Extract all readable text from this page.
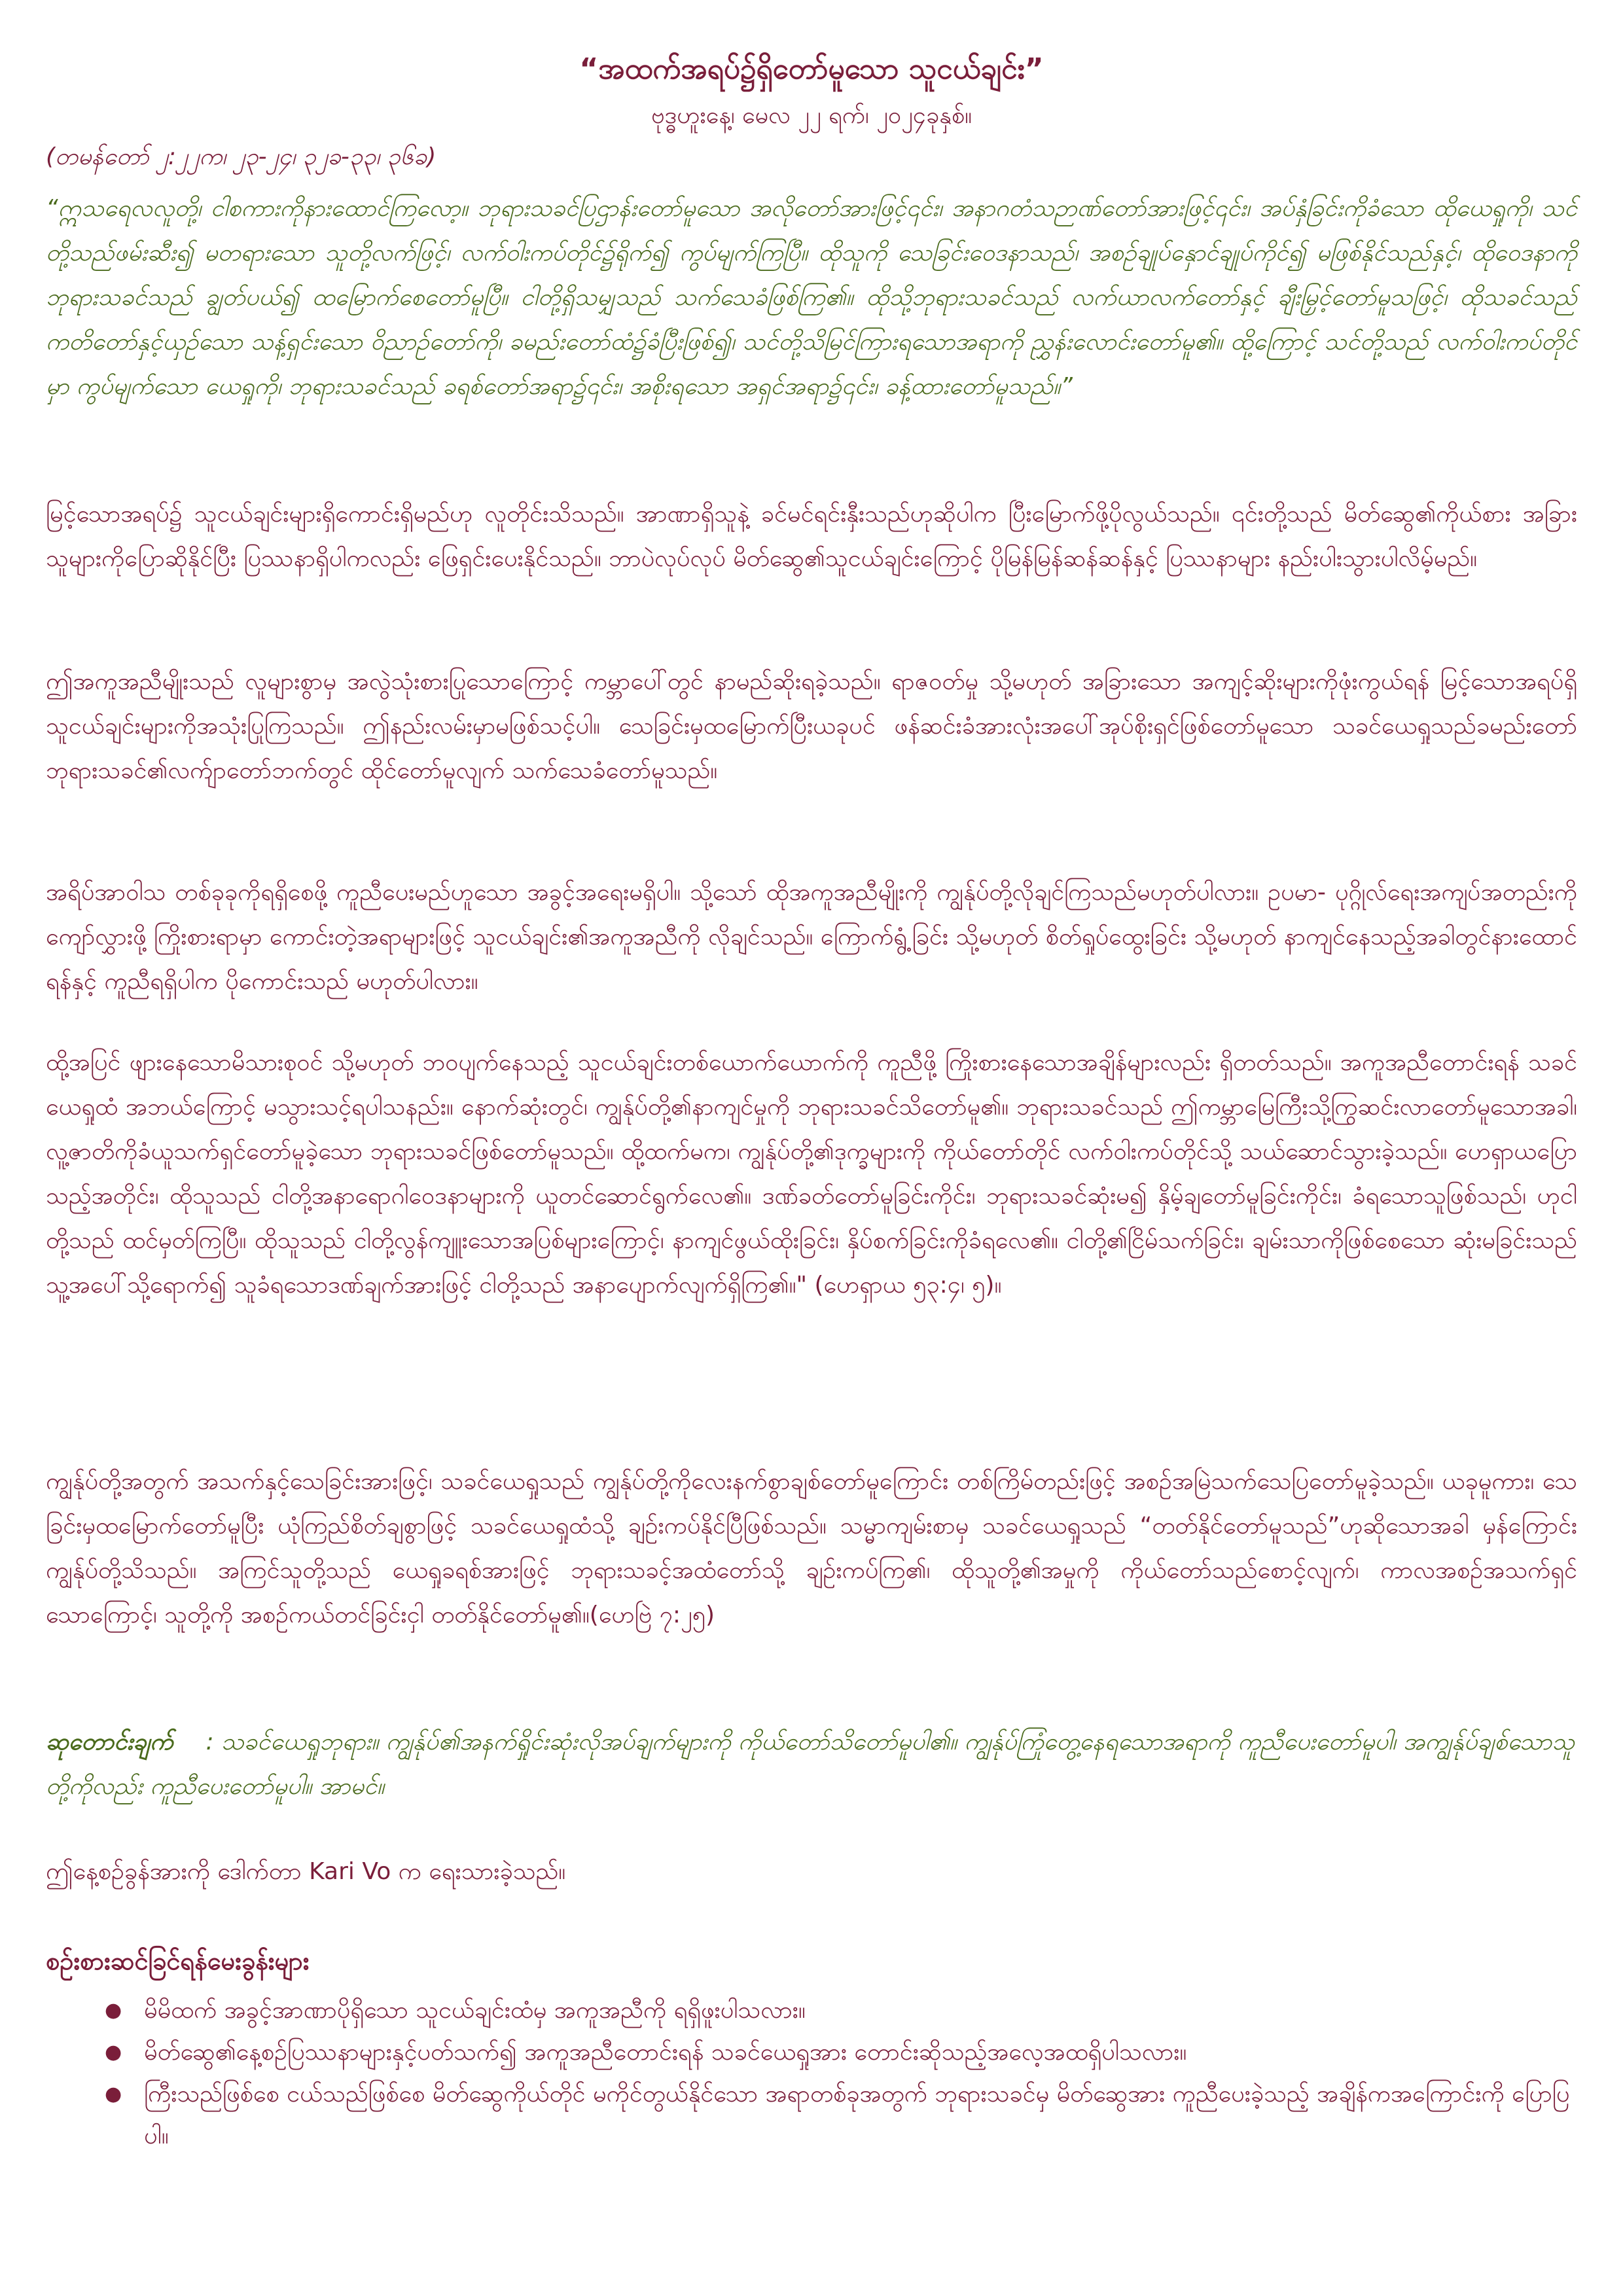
“အထက်အရပ်၌ရှိတော်မူသော သူငယ်ချင်း”
ဗုဒ္ဓဟူးနေ့၊ မေလ ၂၂ ရက်၊ ၂၀၂၄ခုနှစ်။
(တမန်တော် ၂:၂၂က၊ ၂၃-၂၄၊ ၃၂ခ-၃၃၊ ၃၆ခ)
“ဣသရေလလူတို့၊ ငါစကားကိုနားထောင်ကြလော့။ ဘုရားသခင်ပြဌာန်းတော်မူသော အလိုတော်အားဖြင့်၎င်း၊ အနာဂတံသဉာဏ်တော်အားဖြင့်၎င်း၊ အပ်နှံခြင်းကိုခံသော ထိုယေရှုကို၊ သင်တို့သည်ဖမ်းဆီး၍ မတရားသော သူတို့လက်ဖြင့်၊ လက်ဝါးကပ်တိုင်၌ရိုက်၍ ကွပ်မျက်ကြပြီ။ ထိုသူကို သေခြင်းဝေဒနာသည်၊ အစဉ်ချုပ်နှောင်ချုပ်ကိုင်၍ မဖြစ်နိုင်သည်နှင့်၊ ထိုဝေဒနာကို ဘုရားသခင်သည် ချွတ်ပယ်၍ ထမြောက်စေတော်မူပြီ။ ငါတို့ရှိသမျှသည် သက်သေခံဖြစ်ကြ၏။ ထိုသို့ဘုရားသခင်သည် လက်ယာလက်တော်နှင့် ချီးမြှင့်တော်မူသဖြင့်၊ ထိုသခင်သည် ကတိတော်နှင့်ယှဉ်သော သန့်ရှင်းသော ဝိညာဉ်တော်ကို၊ ခမည်းတော်ထံ၌ခံပြီးဖြစ်၍၊ သင်တို့သိမြင်ကြားရသောအရာကို ညွှန်းလောင်းတော်မူ၏။ ထို့ကြောင့် သင်တို့သည် လက်ဝါးကပ်တိုင်မှာ ကွပ်မျက်သော ယေရှုကို၊ ဘုရားသခင်သည် ခရစ်တော်အရာ၌၎င်း၊ အစိုးရသော အရှင်အရာ၌၎င်း၊ ခန့်ထားတော်မူသည်။”
မြင့်သောအရပ်၌ သူငယ်ချင်းများရှိကောင်းရှိမည်ဟု လူတိုင်းသိသည်။ အာဏာရှိသူနဲ့ ခင်မင်ရင်းနှီးသည်ဟုဆိုပါက ပြီးမြောက်ဖို့ပိုလွယ်သည်။ ၎င်းတို့သည် မိတ်ဆွေ၏ကိုယ်စား အခြားသူများကိုပြောဆိုနိုင်ပြီး ပြဿနာရှိပါကလည်း ဖြေရှင်းပေးနိုင်သည်။ ဘာပဲလုပ်လုပ် မိတ်ဆွေ၏သူငယ်ချင်းကြောင့် ပိုမြန်မြန်ဆန်ဆန်နှင့် ပြဿနာများ နည်းပါးသွားပါလိမ့်မည်။
ဤအကူအညီမျိုးသည် လူများစွာမှ အလွဲသုံးစားပြုသောကြောင့် ကမ္ဘာပေါ်တွင် နာမည်ဆိုးရခဲ့သည်။ ရာဇဝတ်မှု သို့မဟုတ် အခြားသော အကျင့်ဆိုးများကိုဖုံးကွယ်ရန် မြင့်သောအရပ်ရှိ သူငယ်ချင်းများကိုအသုံးပြုကြသည်။ ဤနည်းလမ်းမှာမဖြစ်သင့်ပါ။ သေခြင်းမှထမြောက်ပြီးယခုပင် ဖန်ဆင်းခံအားလုံးအပေါ်အုပ်စိုးရှင်ဖြစ်တော်မူသော သခင်ယေရှုသည်ခမည်းတော်ဘုရားသခင်၏လက်ျာတော်ဘက်တွင် ထိုင်တော်မူလျက် သက်သေခံတော်မူသည်။
အရိပ်အာဝါသ တစ်ခုခုကိုရရှိစေဖို့ ကူညီပေးမည်ဟူသော အခွင့်အရေးမရှိပါ။ သို့သော် ထိုအကူအညီမျိုးကို ကျွန်ုပ်တို့လိုချင်ကြသည်မဟုတ်ပါလား။ ဥပမာ- ပုဂ္ဂိုလ်ရေးအကျပ်အတည်းကိုကျော်လွှားဖို့ ကြိုးစားရာမှာ ကောင်းတဲ့အရာများဖြင့် သူငယ်ချင်း၏အကူအညီကို လိုချင်သည်။ ကြောက်ရွံ့ခြင်း သို့မဟုတ် စိတ်ရှုပ်ထွေးခြင်း သို့မဟုတ် နာကျင်နေသည့်အခါတွင်နားထောင်ရန်နှင့် ကူညီရရှိပါက ပိုကောင်းသည် မဟုတ်ပါလား။
ထို့အပြင် ဖျားနေသောမိသားစုဝင် သို့မဟုတ် ဘဝပျက်နေသည့် သူငယ်ချင်းတစ်ယောက်ယောက်ကို ကူညီဖို့ ကြိုးစားနေသောအချိန်များလည်း ရှိတတ်သည်။ အကူအညီတောင်းရန် သခင်ယေရှုထံ အဘယ်ကြောင့် မသွားသင့်ရပါသနည်း။ နောက်ဆုံးတွင်၊ ကျွန်ုပ်တို့၏နာကျင်မှုကို ဘုရားသခင်သိတော်မူ၏။ ဘုရားသခင်သည် ဤကမ္ဘာမြေကြီးသို့ကြွဆင်းလာတော်မူသောအခါ၊ လူ့ဇာတိကိုခံယူသက်ရှင်တော်မူခဲ့သော ဘုရားသခင်ဖြစ်တော်မူသည်။ ထို့ထက်မက၊ ကျွန်ုပ်တို့၏ဒုက္ခများကို ကိုယ်တော်တိုင် လက်ဝါးကပ်တိုင်သို့ သယ်ဆောင်သွားခဲ့သည်။ ဟေရှာယပြောသည့်အတိုင်း၊ ထိုသူသည် ငါတို့အနာရောဂါဝေဒနာများကို ယူတင်ဆောင်ရွက်လေ၏။ ဒဏ်ခတ်တော်မူခြင်းကိုင်း၊ ဘုရားသခင်ဆုံးမ၍ နှိမ့်ချတော်မူခြင်းကိုင်း၊ ခံရသောသူဖြစ်သည်၊ ဟုငါတို့သည် ထင်မှတ်ကြပြီ။ ထိုသူသည် ငါတို့လွန်ကျူးသောအပြစ်များကြောင့်၊ နာကျင်ဖွယ်ထိုးခြင်း၊ နှိပ်စက်ခြင်းကိုခံရလေ၏။ ငါတို့၏ငြိမ်သက်ခြင်း၊ ချမ်းသာကိုဖြစ်စေသော ဆုံးမခြင်းသည် သူ့အပေါ်သို့ရောက်၍ သူခံရသောဒဏ်ချက်အားဖြင့် ငါတို့သည် အနာပျောက်လျက်ရှိကြ၏။" (ဟေရှာယ ၅၃:၄၊ ၅)။
ကျွန်ုပ်တို့အတွက် အသက်နှင့်သေခြင်းအားဖြင့်၊ သခင်ယေရှုသည် ကျွန်ုပ်တို့ကိုလေးနက်စွာချစ်တော်မူကြောင်း တစ်ကြိမ်တည်းဖြင့် အစဉ်အမြဲသက်သေပြတော်မူခဲ့သည်။ ယခုမူကား၊ သေခြင်းမှထမြောက်တော်မူပြီး ယုံကြည်စိတ်ချစွာဖြင့် သခင်ယေရှုထံသို့ ချဉ်းကပ်နိုင်ပြီဖြစ်သည်။ သမ္မာကျမ်းစာမှ သခင်ယေရှုသည် “တတ်နိုင်တော်မူသည်”ဟုဆိုသောအခါ မှန်ကြောင်း ကျွန်ုပ်တို့သိသည်။ အကြင်သူတို့သည် ယေရှုခရစ်အားဖြင့် ဘုရားသခင့်အထံတော်သို့ ချဉ်းကပ်ကြ၏၊ ထိုသူတို့၏အမှုကို ကိုယ်တော်သည်စောင့်လျက်၊ ကာလအစဉ်အသက်ရှင်သောကြောင့်၊ သူတို့ကို အစဉ်ကယ်တင်ခြင်းငှါ တတ်နိုင်တော်မူ၏။(ဟေဗြဲ ၇:၂၅)
ဆုတောင်းချက် : သခင်ယေရှုဘုရား။ ကျွန်ုပ်၏အနက်ရှိုင်းဆုံးလိုအပ်ချက်များကို ကိုယ်တော်သိတော်မူပါ၏။ ကျွန်ုပ်ကြုံတွေ့နေရသောအရာကို ကူညီပေးတော်မူပါ၊ အကျွန်ုပ်ချစ်သောသူတို့ကိုလည်း ကူညီပေးတော်မူပါ။ အာမင်။
ဤနေ့စဉ်ခွန်အားကို ဒေါက်တာ Kari Vo က ရေးသားခဲ့သည်။
စဉ်းစားဆင်ခြင်ရန်မေးခွန်းများ
● မိမိထက် အခွင့်အာဏာပိုရှိသော သူငယ်ချင်းထံမှ အကူအညီကို ရရှိဖူးပါသလား။
● မိတ်ဆွေ၏နေ့စဉ်ပြဿနာများနှင့်ပတ်သက်၍ အကူအညီတောင်းရန် သခင်ယေရှုအား တောင်းဆိုသည့်အလေ့အထရှိပါသလား။
● ကြီးသည်ဖြစ်စေ ငယ်သည်ဖြစ်စေ မိတ်ဆွေကိုယ်တိုင် မကိုင်တွယ်နိုင်သော အရာတစ်ခုအတွက် ဘုရားသခင်မှ မိတ်ဆွေအား ကူညီပေးခဲ့သည့် အချိန်ကအကြောင်းကို ပြောပြပါ။
